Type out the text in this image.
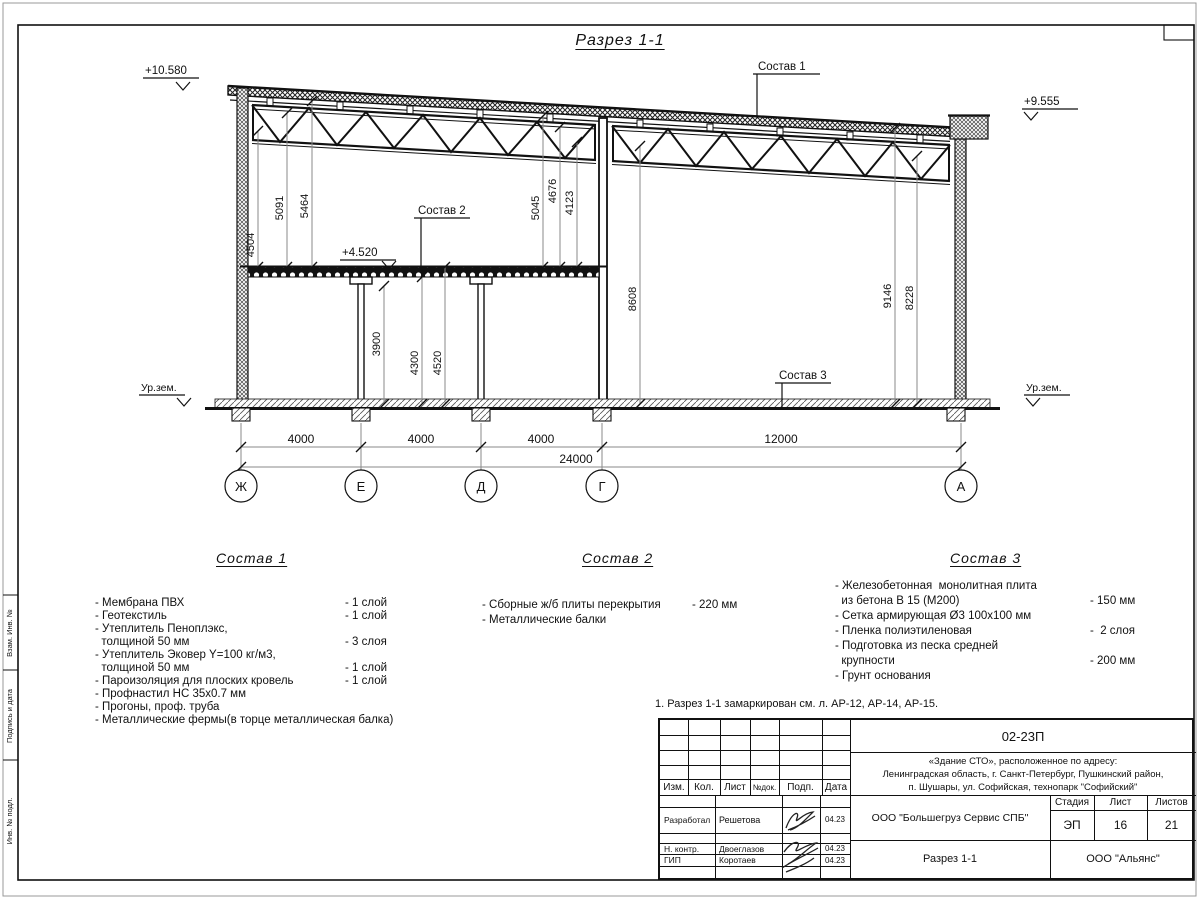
Взам. Инв. №
Подпись и дата
Инв. № подл.
4504
5091 5464	5045
4676 4123
8608	9146 8228
3900
4300 4520
4000	4000	4000	12000
24000
Ж	Е	Д	Г	А
+10.580
+9.555
+4.520
Ур.зем.	Ур.зем.
Состав 1
Состав 2
Состав 3
Разрез 1-1
Состав 1
- Мембрана ПВХ	- 1 слой
- Геотекстиль	- 1 слой
- Утеплитель Пеноплэкс,
толщиной 50 мм	- 3 слоя
- Утеплитель Эковер Y=100 кг/м3,
толщиной 50 мм	- 1 слой
- Пароизоляция для плоских кровель	- 1 слой
- Профнастил НС 35х0.7 мм
- Прогоны, проф. труба
- Металлические фермы(в торце металлическая балка)
Состав 2
- Сборные ж/б плиты перекрытия	- 220 мм
- Металлические балки
Состав 3
- Железобетонная  монолитная плита
из бетона В 15 (М200)	- 150 мм
- Сетка армирующая Ø3 100х100 мм
- Пленка полиэтиленовая	-  2 слоя
- Подготовка из песка средней
крупности	- 200 мм
- Грунт основания
1. Разрез 1-1 замаркирован см. л. АР-12, АР-14, АР-15.
Изм. Кол.	Лист №док.	Подп.	Дата
Разработал Решетова	04.23
Н. контр.	Двоеглазов	04.23
ГИП	Коротаев	04.23
02-23П
«Здание СТО», расположенное по адресу:
Ленинградская область, г. Санкт-Петербург, Пушкинский район,
п. Шушары, ул. Софийская, технопарк "Софийский"
ООО "Большегруз Сервис СПБ"
Стадия	Лист	Листов
ЭП	16	21
Разрез 1-1	ООО "Альянс"
